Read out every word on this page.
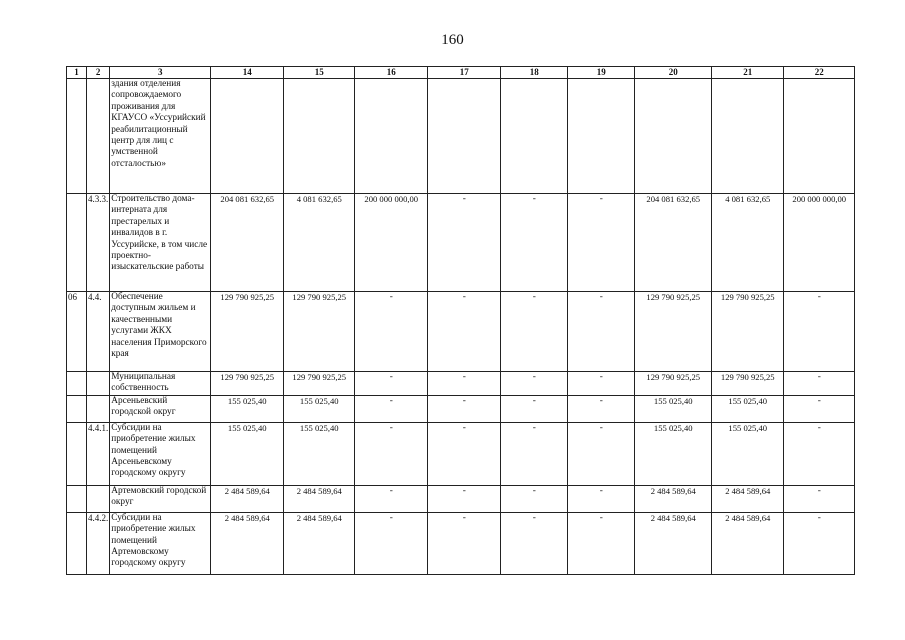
160
1	2	3	14	15	16	17	18	19	20	21	22
		здания отделения сопровождаемого проживания для КГАУСО «Уссурийский реабилитационный центр для лиц с умственной отсталостью»									
	4.3.3.	Строительство дома-интерната для престарелых и инвалидов в г. Уссурийске, в том числе проектно-изыскательские работы	204 081 632,65	4 081 632,65	200 000 000,00	-	-	-	204 081 632,65	4 081 632,65	200 000 000,00
06	4.4.	Обеспечение доступным жильем и качественными услугами ЖКХ населения Приморского края	129 790 925,25	129 790 925,25	-	-	-	-	129 790 925,25	129 790 925,25	-
		Муниципальная собственность	129 790 925,25	129 790 925,25	-	-	-	-	129 790 925,25	129 790 925,25	-
		Арсеньевский городской округ	155 025,40	155 025,40	-	-	-	-	155 025,40	155 025,40	-
	4.4.1.	Субсидии на приобретение жилых помещений Арсеньевскому городскому округу	155 025,40	155 025,40	-	-	-	-	155 025,40	155 025,40	-
		Артемовский городской округ	2 484 589,64	2 484 589,64	-	-	-	-	2 484 589,64	2 484 589,64	-
	4.4.2.	Субсидии на приобретение жилых помещений Артемовскому городскому округу	2 484 589,64	2 484 589,64	-	-	-	-	2 484 589,64	2 484 589,64	-
